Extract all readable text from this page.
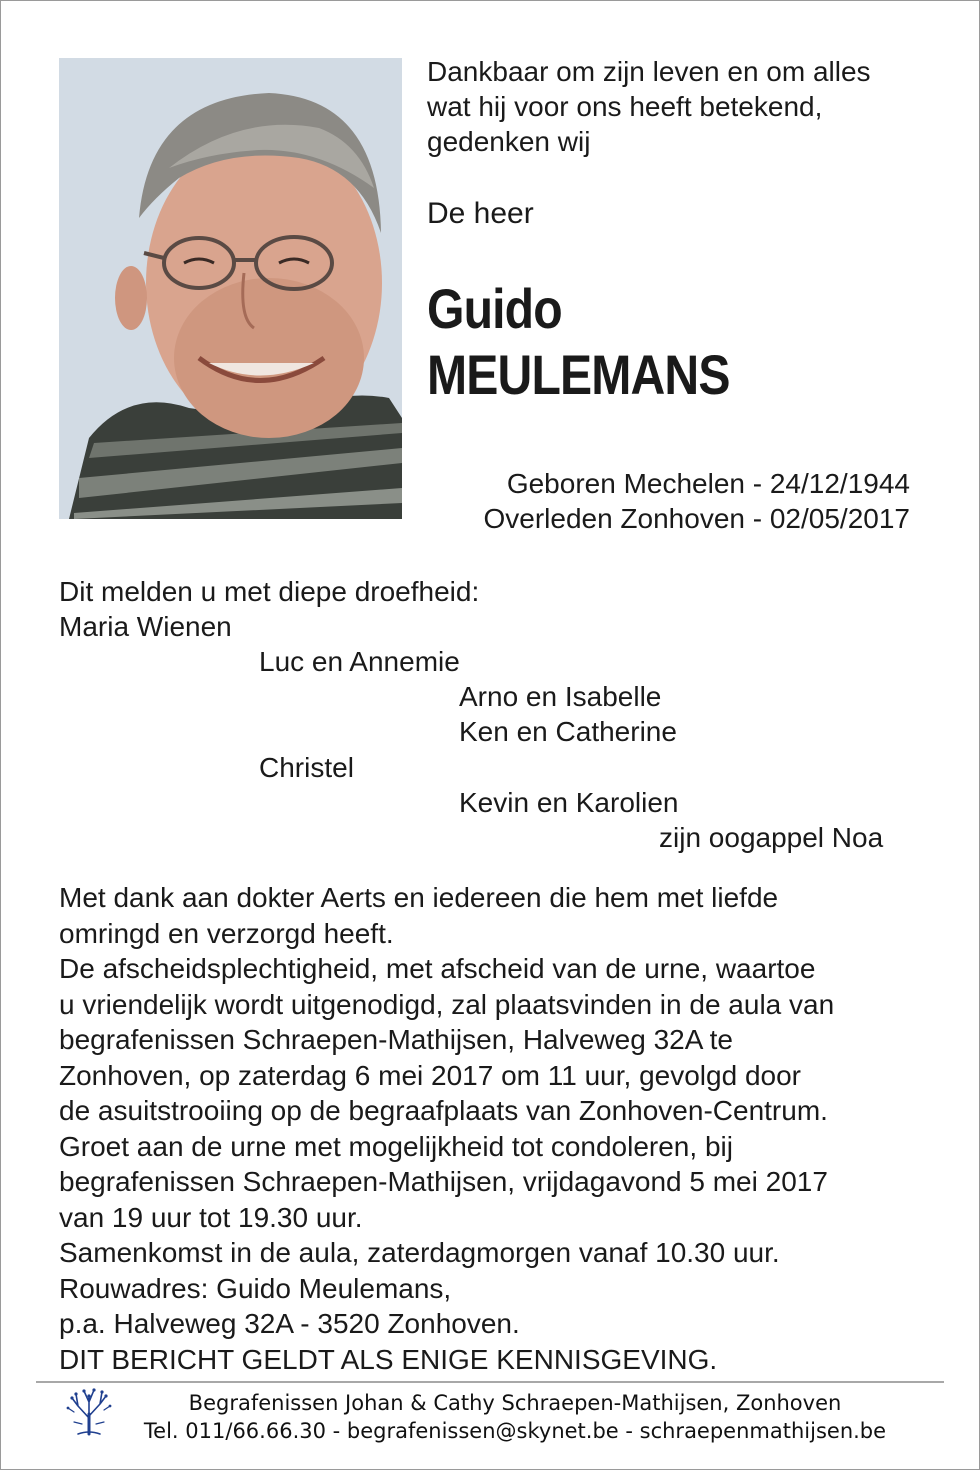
Dankbaar om zijn leven en om alles
wat hij voor ons heeft betekend,
gedenken wij
De heer
Guido
MEULEMANS
Geboren Mechelen - 24/12/1944
Overleden Zonhoven - 02/05/2017
Dit melden u met diepe droefheid:
Maria Wienen
Luc en Annemie
Arno en Isabelle
Ken en Catherine
Christel
Kevin en Karolien
zijn oogappel Noa
Met dank aan dokter Aerts en iedereen die hem met liefde
omringd en verzorgd heeft.
De afscheidsplechtigheid, met afscheid van de urne, waartoe
u vriendelijk wordt uitgenodigd, zal plaatsvinden in de aula van
begrafenissen Schraepen-Mathijsen, Halveweg 32A te
Zonhoven, op zaterdag 6 mei 2017 om 11 uur, gevolgd door
de asuitstrooiing op de begraafplaats van Zonhoven-Centrum.
Groet aan de urne met mogelijkheid tot condoleren, bij
begrafenissen Schraepen-Mathijsen, vrijdagavond 5 mei 2017
van 19 uur tot 19.30 uur.
Samenkomst in de aula, zaterdagmorgen vanaf 10.30 uur.
Rouwadres: Guido Meulemans,
p.a. Halveweg 32A - 3520 Zonhoven.
DIT BERICHT GELDT ALS ENIGE KENNISGEVING.
Begrafenissen Johan & Cathy Schraepen-Mathijsen, Zonhoven
Tel. 011/66.66.30 - begrafenissen@skynet.be - schraepenmathijsen.be
